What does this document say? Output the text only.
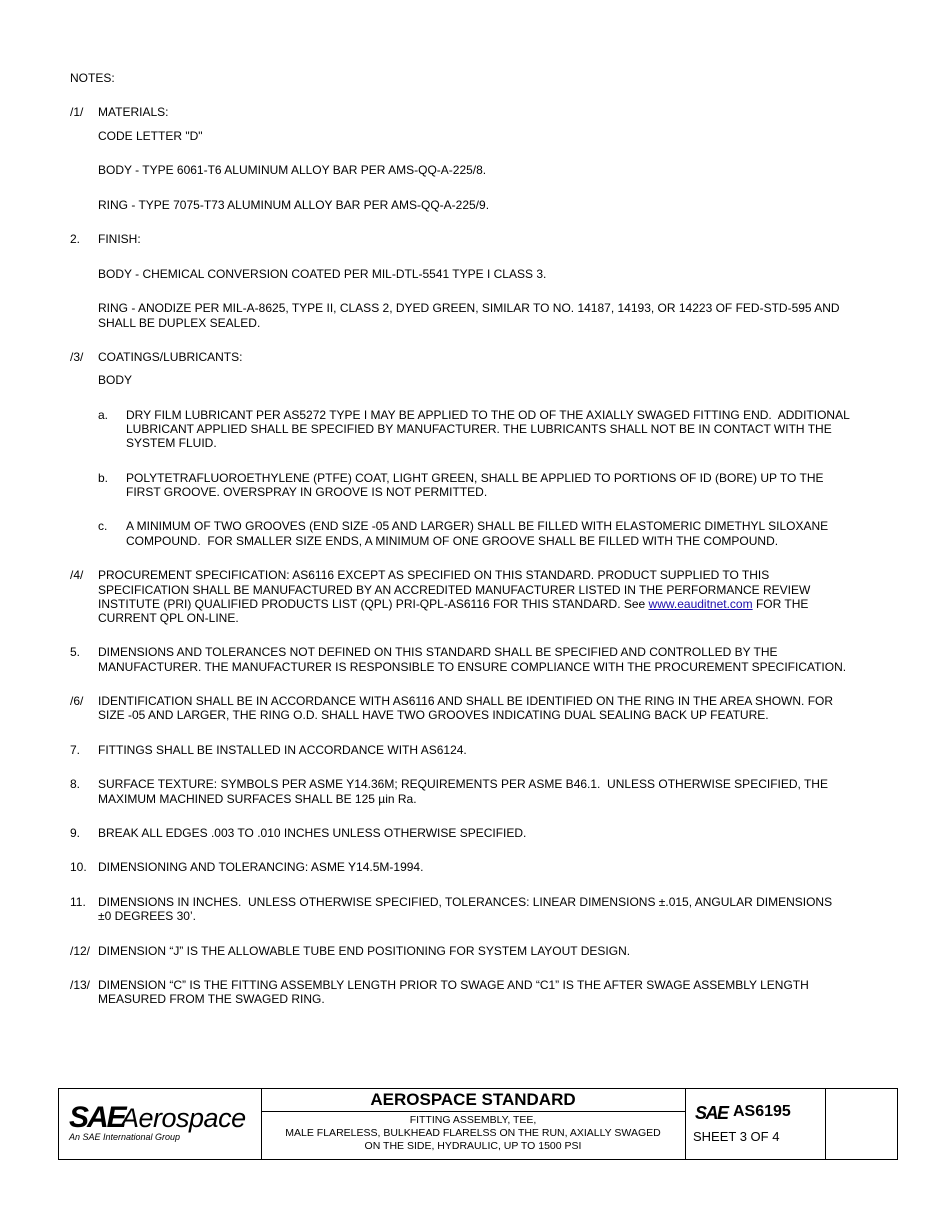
NOTES:
/1/ MATERIALS:
CODE LETTER "D"
BODY - TYPE 6061-T6 ALUMINUM ALLOY BAR PER AMS-QQ-A-225/8.
RING - TYPE 7075-T73 ALUMINUM ALLOY BAR PER AMS-QQ-A-225/9.
2. FINISH:
BODY - CHEMICAL CONVERSION COATED PER MIL-DTL-5541 TYPE I CLASS 3.
RING - ANODIZE PER MIL-A-8625, TYPE II, CLASS 2, DYED GREEN, SIMILAR TO NO. 14187, 14193, OR 14223 OF FED-STD-595 AND
SHALL BE DUPLEX SEALED.
/3/ COATINGS/LUBRICANTS:
BODY
a. DRY FILM LUBRICANT PER AS5272 TYPE I MAY BE APPLIED TO THE OD OF THE AXIALLY SWAGED FITTING END.  ADDITIONAL
LUBRICANT APPLIED SHALL BE SPECIFIED BY MANUFACTURER. THE LUBRICANTS SHALL NOT BE IN CONTACT WITH THE
SYSTEM FLUID.
b. POLYTETRAFLUOROETHYLENE (PTFE) COAT, LIGHT GREEN, SHALL BE APPLIED TO PORTIONS OF ID (BORE) UP TO THE
FIRST GROOVE. OVERSPRAY IN GROOVE IS NOT PERMITTED.
c. A MINIMUM OF TWO GROOVES (END SIZE -05 AND LARGER) SHALL BE FILLED WITH ELASTOMERIC DIMETHYL SILOXANE
COMPOUND.  FOR SMALLER SIZE ENDS, A MINIMUM OF ONE GROOVE SHALL BE FILLED WITH THE COMPOUND.
/4/ PROCUREMENT SPECIFICATION: AS6116 EXCEPT AS SPECIFIED ON THIS STANDARD. PRODUCT SUPPLIED TO THIS
SPECIFICATION SHALL BE MANUFACTURED BY AN ACCREDITED MANUFACTURER LISTED IN THE PERFORMANCE REVIEW
INSTITUTE (PRI) QUALIFIED PRODUCTS LIST (QPL) PRI-QPL-AS6116 FOR THIS STANDARD. See www.eauditnet.com FOR THE
CURRENT QPL ON-LINE.
5. DIMENSIONS AND TOLERANCES NOT DEFINED ON THIS STANDARD SHALL BE SPECIFIED AND CONTROLLED BY THE
MANUFACTURER. THE MANUFACTURER IS RESPONSIBLE TO ENSURE COMPLIANCE WITH THE PROCUREMENT SPECIFICATION.
/6/ IDENTIFICATION SHALL BE IN ACCORDANCE WITH AS6116 AND SHALL BE IDENTIFIED ON THE RING IN THE AREA SHOWN. FOR
SIZE -05 AND LARGER, THE RING O.D. SHALL HAVE TWO GROOVES INDICATING DUAL SEALING BACK UP FEATURE.
7. FITTINGS SHALL BE INSTALLED IN ACCORDANCE WITH AS6124.
8. SURFACE TEXTURE: SYMBOLS PER ASME Y14.36M; REQUIREMENTS PER ASME B46.1.  UNLESS OTHERWISE SPECIFIED, THE
MAXIMUM MACHINED SURFACES SHALL BE 125 µin Ra.
9. BREAK ALL EDGES .003 TO .010 INCHES UNLESS OTHERWISE SPECIFIED.
10. DIMENSIONING AND TOLERANCING: ASME Y14.5M-1994.
11. DIMENSIONS IN INCHES.  UNLESS OTHERWISE SPECIFIED, TOLERANCES: LINEAR DIMENSIONS ±.015, ANGULAR DIMENSIONS
±0 DEGREES 30’.
/12/ DIMENSION “J” IS THE ALLOWABLE TUBE END POSITIONING FOR SYSTEM LAYOUT DESIGN.
/13/ DIMENSION “C” IS THE FITTING ASSEMBLY LENGTH PRIOR TO SWAGE AND “C1” IS THE AFTER SWAGE ASSEMBLY LENGTH
MEASURED FROM THE SWAGED RING.
SAE
Aerospace
An SAE International Group
AEROSPACE STANDARD
FITTING ASSEMBLY, TEE,
MALE FLARELESS, BULKHEAD FLARELSS ON THE RUN, AXIALLY SWAGED
ON THE SIDE, HYDRAULIC, UP TO 1500 PSI
SAE AS6195
SHEET 3 OF 4
